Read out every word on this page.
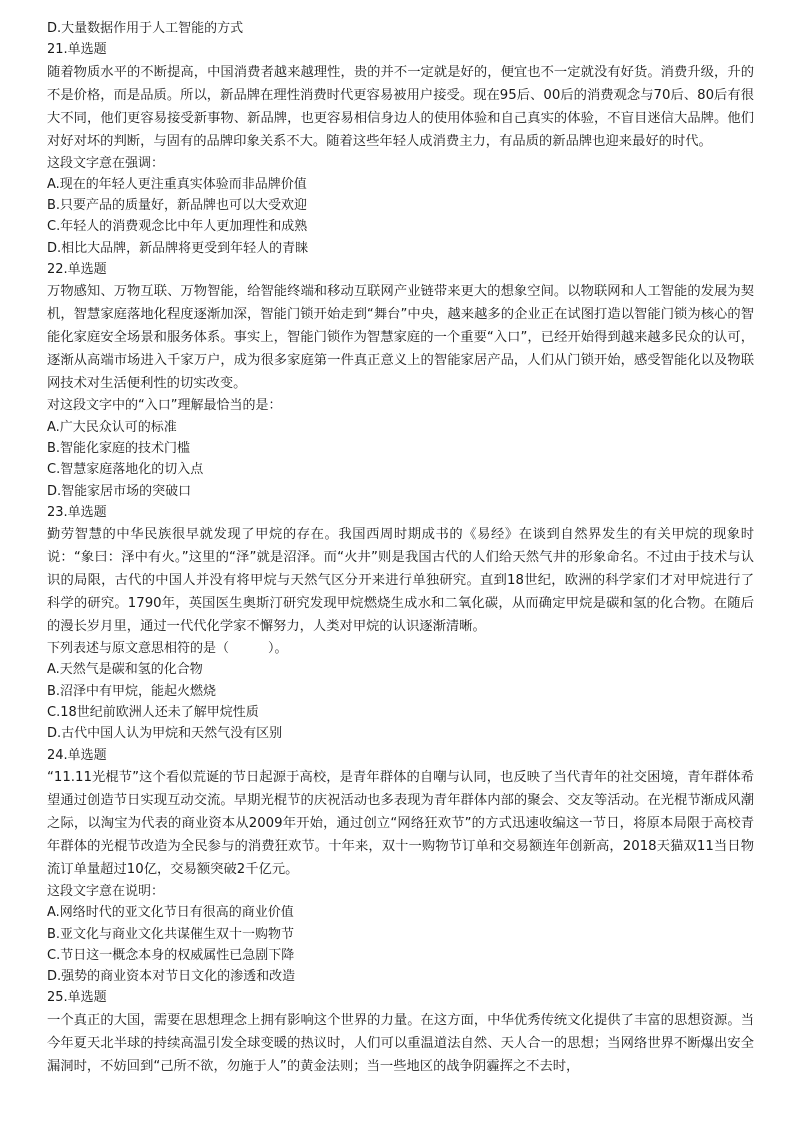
D.大量数据作用于人工智能的方式

21.单选题

随着物质水平的不断提高，中国消费者越来越理性，贵的并不一定就是好的，便宜也不一定就没有好货。消费升级，升的不是价格，而是品质。所以，新品牌在理性消费时代更容易被用户接受。现在95后、00后的消费观念与70后、80后有很大不同，他们更容易接受新事物、新品牌，也更容易相信身边人的使用体验和自己真实的体验，不盲目迷信大品牌。他们对好对坏的判断，与固有的品牌印象关系不大。随着这些年轻人成消费主力，有品质的新品牌也迎来最好的时代。

这段文字意在强调：

A.现在的年轻人更注重真实体验而非品牌价值

B.只要产品的质量好，新品牌也可以大受欢迎

C.年轻人的消费观念比中年人更加理性和成熟

D.相比大品牌，新品牌将更受到年轻人的青睐

22.单选题

万物感知、万物互联、万物智能，给智能终端和移动互联网产业链带来更大的想象空间。以物联网和人工智能的发展为契机，智慧家庭落地化程度逐渐加深，智能门锁开始走到“舞台”中央，越来越多的企业正在试图打造以智能门锁为核心的智能化家庭安全场景和服务体系。事实上，智能门锁作为智慧家庭的一个重要“入口”，已经开始得到越来越多民众的认可，逐渐从高端市场进入千家万户，成为很多家庭第一件真正意义上的智能家居产品，人们从门锁开始，感受智能化以及物联网技术对生活便利性的切实改变。

对这段文字中的“入口”理解最恰当的是：

A.广大民众认可的标准

B.智能化家庭的技术门槛

C.智慧家庭落地化的切入点

D.智能家居市场的突破口

23.单选题

勤劳智慧的中华民族很早就发现了甲烷的存在。我国西周时期成书的《易经》在谈到自然界发生的有关甲烷的现象时说：“象曰：泽中有火。”这里的“泽”就是沼泽。而“火井”则是我国古代的人们给天然气井的形象命名。不过由于技术与认识的局限，古代的中国人并没有将甲烷与天然气区分开来进行单独研究。直到18世纪，欧洲的科学家们才对甲烷进行了科学的研究。1790年，英国医生奥斯汀研究发现甲烷燃烧生成水和二氧化碳，从而确定甲烷是碳和氢的化合物。在随后的漫长岁月里，通过一代代化学家不懈努力，人类对甲烷的认识逐渐清晰。

下列表述与原文意思相符的是（　　　）。

A.天然气是碳和氢的化合物

B.沼泽中有甲烷，能起火燃烧

C.18世纪前欧洲人还未了解甲烷性质

D.古代中国人认为甲烷和天然气没有区别

24.单选题

“11.11光棍节”这个看似荒诞的节日起源于高校，是青年群体的自嘲与认同，也反映了当代青年的社交困境，青年群体希望通过创造节日实现互动交流。早期光棍节的庆祝活动也多表现为青年群体内部的聚会、交友等活动。在光棍节渐成风潮之际，以淘宝为代表的商业资本从2009年开始，通过创立“网络狂欢节”的方式迅速收编这一节日，将原本局限于高校青年群体的光棍节改造为全民参与的消费狂欢节。十年来，双十一购物节订单和交易额连年创新高，2018天猫双11当日物流订单量超过10亿，交易额突破2千亿元。

这段文字意在说明：

A.网络时代的亚文化节日有很高的商业价值

B.亚文化与商业文化共谋催生双十一购物节

C.节日这一概念本身的权威属性已急剧下降

D.强势的商业资本对节日文化的渗透和改造

25.单选题

一个真正的大国，需要在思想理念上拥有影响这个世界的力量。在这方面，中华优秀传统文化提供了丰富的思想资源。当今年夏天北半球的持续高温引发全球变暖的热议时，人们可以重温道法自然、天人合一的思想；当网络世界不断爆出安全漏洞时，不妨回到“己所不欲，勿施于人”的黄金法则；当一些地区的战争阴霾挥之不去时，
